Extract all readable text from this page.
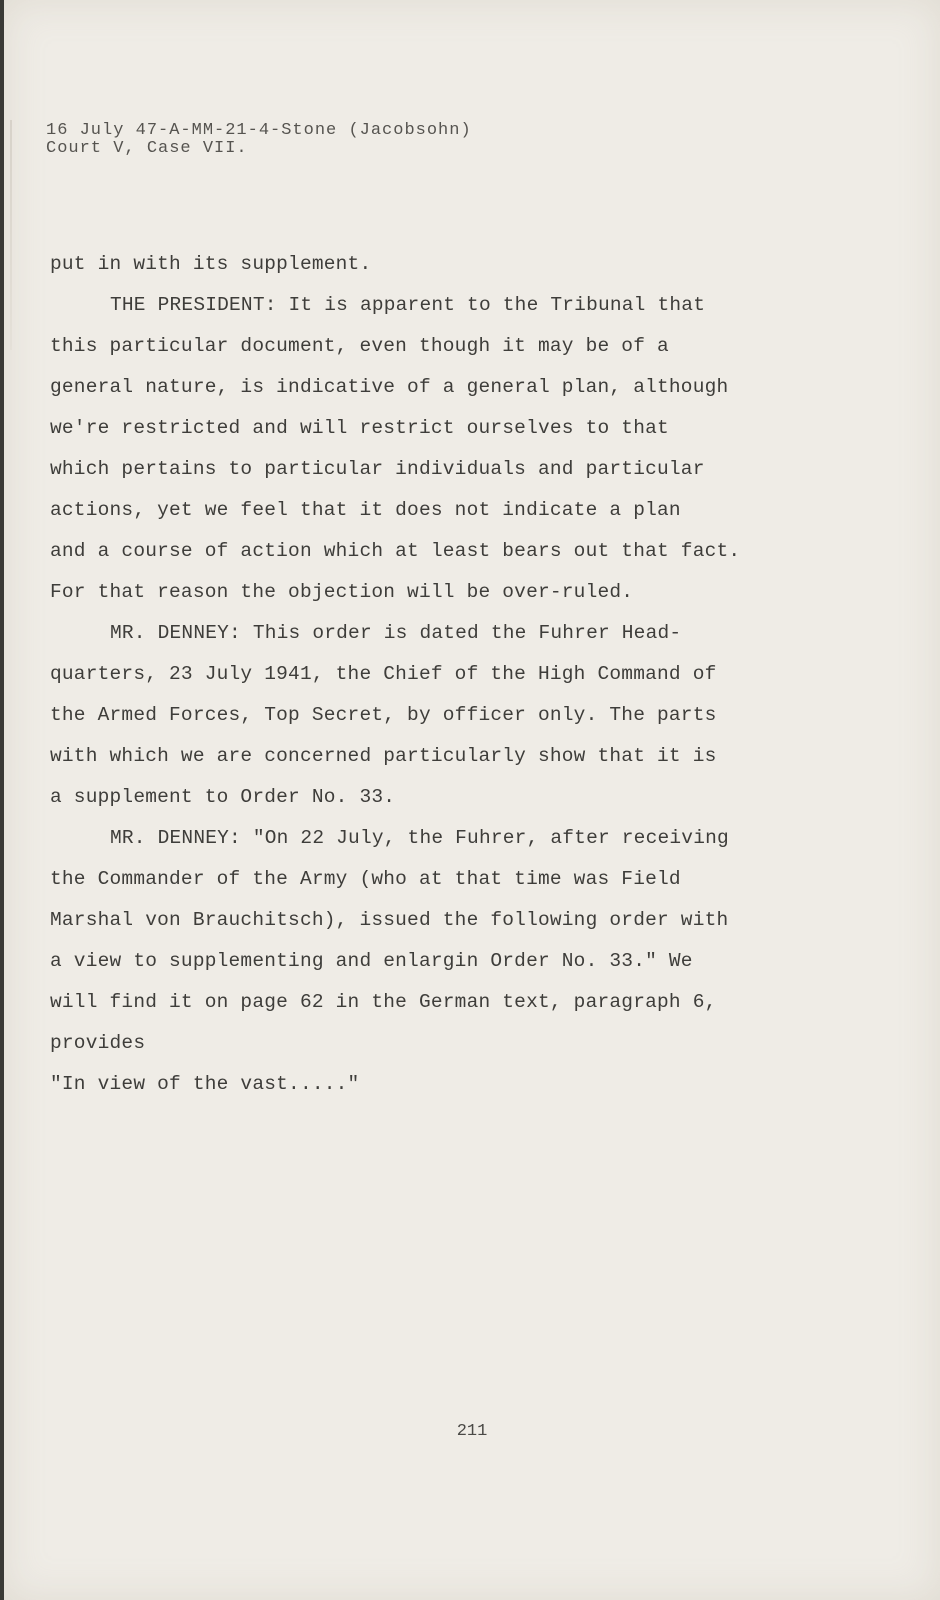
16 July 47-A-MM-21-4-Stone (Jacobsohn)
Court V, Case VII.
put in with its supplement.
THE PRESIDENT: It is apparent to the Tribunal that
this particular document, even though it may be of a
general nature, is indicative of a general plan, although
we're restricted and will restrict ourselves to that
which pertains to particular individuals and particular
actions, yet we feel that it does not indicate a plan
and a course of action which at least bears out that fact.
For that reason the objection will be over-ruled.
MR. DENNEY: This order is dated the Fuhrer Head-
quarters, 23 July 1941, the Chief of the High Command of
the Armed Forces, Top Secret, by officer only. The parts
with which we are concerned particularly show that it is
a supplement to Order No. 33.
MR. DENNEY: "On 22 July, the Fuhrer, after receiving
the Commander of the Army (who at that time was Field
Marshal von Brauchitsch), issued the following order with
a view to supplementing and enlargin Order No. 33." We
will find it on page 62 in the German text, paragraph 6,
provides
"In view of the vast....."
211
